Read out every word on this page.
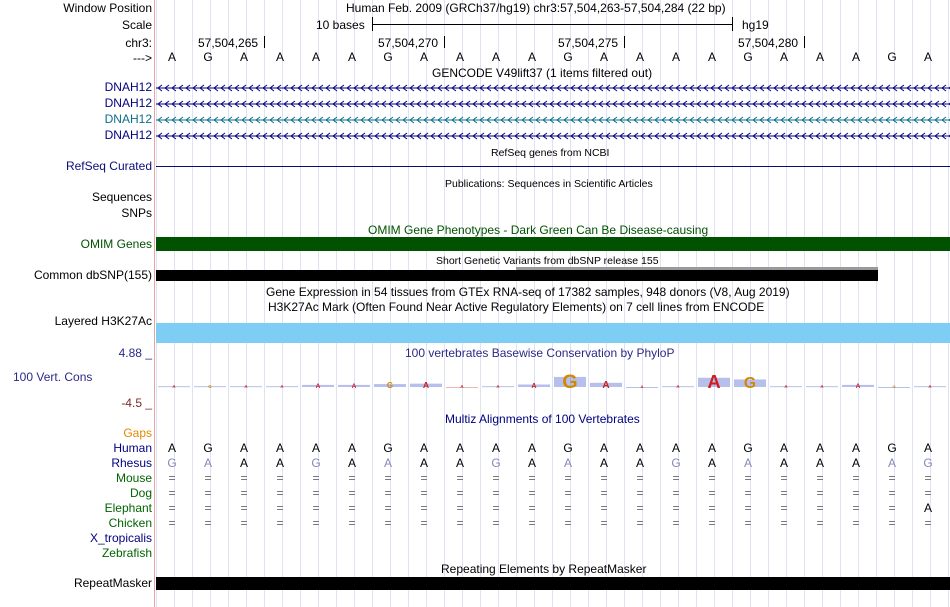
Window Position	Human Feb. 2009 (GRCh37/hg19) chr3:57,504,263-57,504,284 (22 bp)
Scale	10 bases	hg19
chr3:	57,504,265	57,504,270	57,504,275	57,504,280
--->	A	G	A	A	A	A	G	A	A	A	A	G	A	A	A	A	G	A	A	A	G	A
GENCODE V49lift37 (1 items filtered out)
DNAH12
DNAH12
DNAH12
DNAH12
RefSeq genes from NCBI
RefSeq Curated
Publications: Sequences in Scientific Articles
Sequences
SNPs
OMIM Gene Phenotypes - Dark Green Can Be Disease-causing
OMIM Genes
Short Genetic Variants from dbSNP release 155
Common dbSNP(155)
Gene Expression in 54 tissues from GTEx RNA-seq of 17382 samples, 948 donors (V8, Aug 2019)
H3K27Ac Mark (Often Found Near Active Regulatory Elements) on 7 cell lines from ENCODE
Layered H3K27Ac
100 vertebrates Basewise Conservation by PhyloP
4.88 _
100 Vert. Cons
-4.5 _
A	G	A	A	A	A	G	A	A	A	A G A	A	A A G	A	A	A	G	A
Multiz Alignments of 100 Vertebrates
Gaps
Human	A	G	A	A	A	A	G	A	A	A	A	G	A	A	A	A	G	A	A	A	G	A
Rhesus	G	A	A	A	G	A	A	A	A	G	A	A	A	A	G	A	A	A	A	A	A	G
Mouse	=	=	=	=	=	=	=	=	=	=	=	=	=	=	=	=	=	=	=	=	=	=
Dog	=	=	=	=	=	=	=	=	=	=	=	=	=	=	=	=	=	=	=	=	=	=
Elephant	=	=	=	=	=	=	=	=	=	=	=	=	=	=	=	=	=	=	=	=	=	A
Chicken	=	=	=	=	=	=	=	=	=	=	=	=	=	=	=	=	=	=	=	=	=	=
X_tropicalis
Zebrafish
Repeating Elements by RepeatMasker
RepeatMasker
